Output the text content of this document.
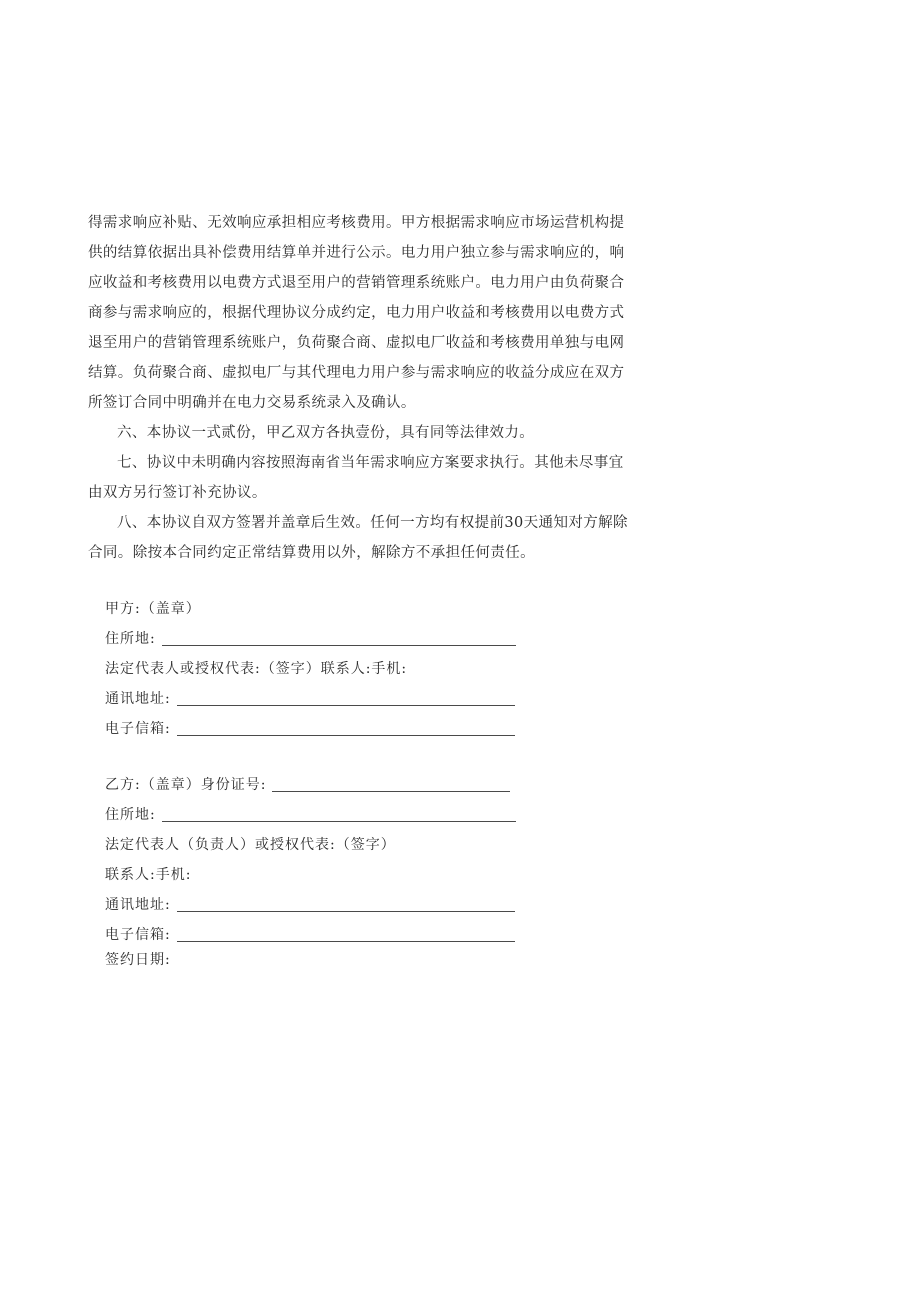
得需求响应补贴、无效响应承担相应考核费用。甲方根据需求响应市场运营机构提供的结算依据出具补偿费用结算单并进行公示。电力用户独立参与需求响应的，响应收益和考核费用以电费方式退至用户的营销管理系统账户。电力用户由负荷聚合商参与需求响应的，根据代理协议分成约定，电力用户收益和考核费用以电费方式退至用户的营销管理系统账户，负荷聚合商、虚拟电厂收益和考核费用单独与电网结算。负荷聚合商、虚拟电厂与其代理电力用户参与需求响应的收益分成应在双方所签订合同中明确并在电力交易系统录入及确认。

六、本协议一式贰份，甲乙双方各执壹份，具有同等法律效力。

七、协议中未明确内容按照海南省当年需求响应方案要求执行。其他未尽事宜由双方另行签订补充协议。

八、本协议自双方签署并盖章后生效。任何一方均有权提前30天通知对方解除合同。除按本合同约定正常结算费用以外，解除方不承担任何责任。

甲方:（盖章）
住所地:
法定代表人或授权代表:（签字）联系人:手机:
通讯地址:
电子信箱:
乙方:（盖章）身份证号:
住所地:
法定代表人（负责人）或授权代表:（签字）
联系人:手机:
通讯地址:
电子信箱:
签约日期:
